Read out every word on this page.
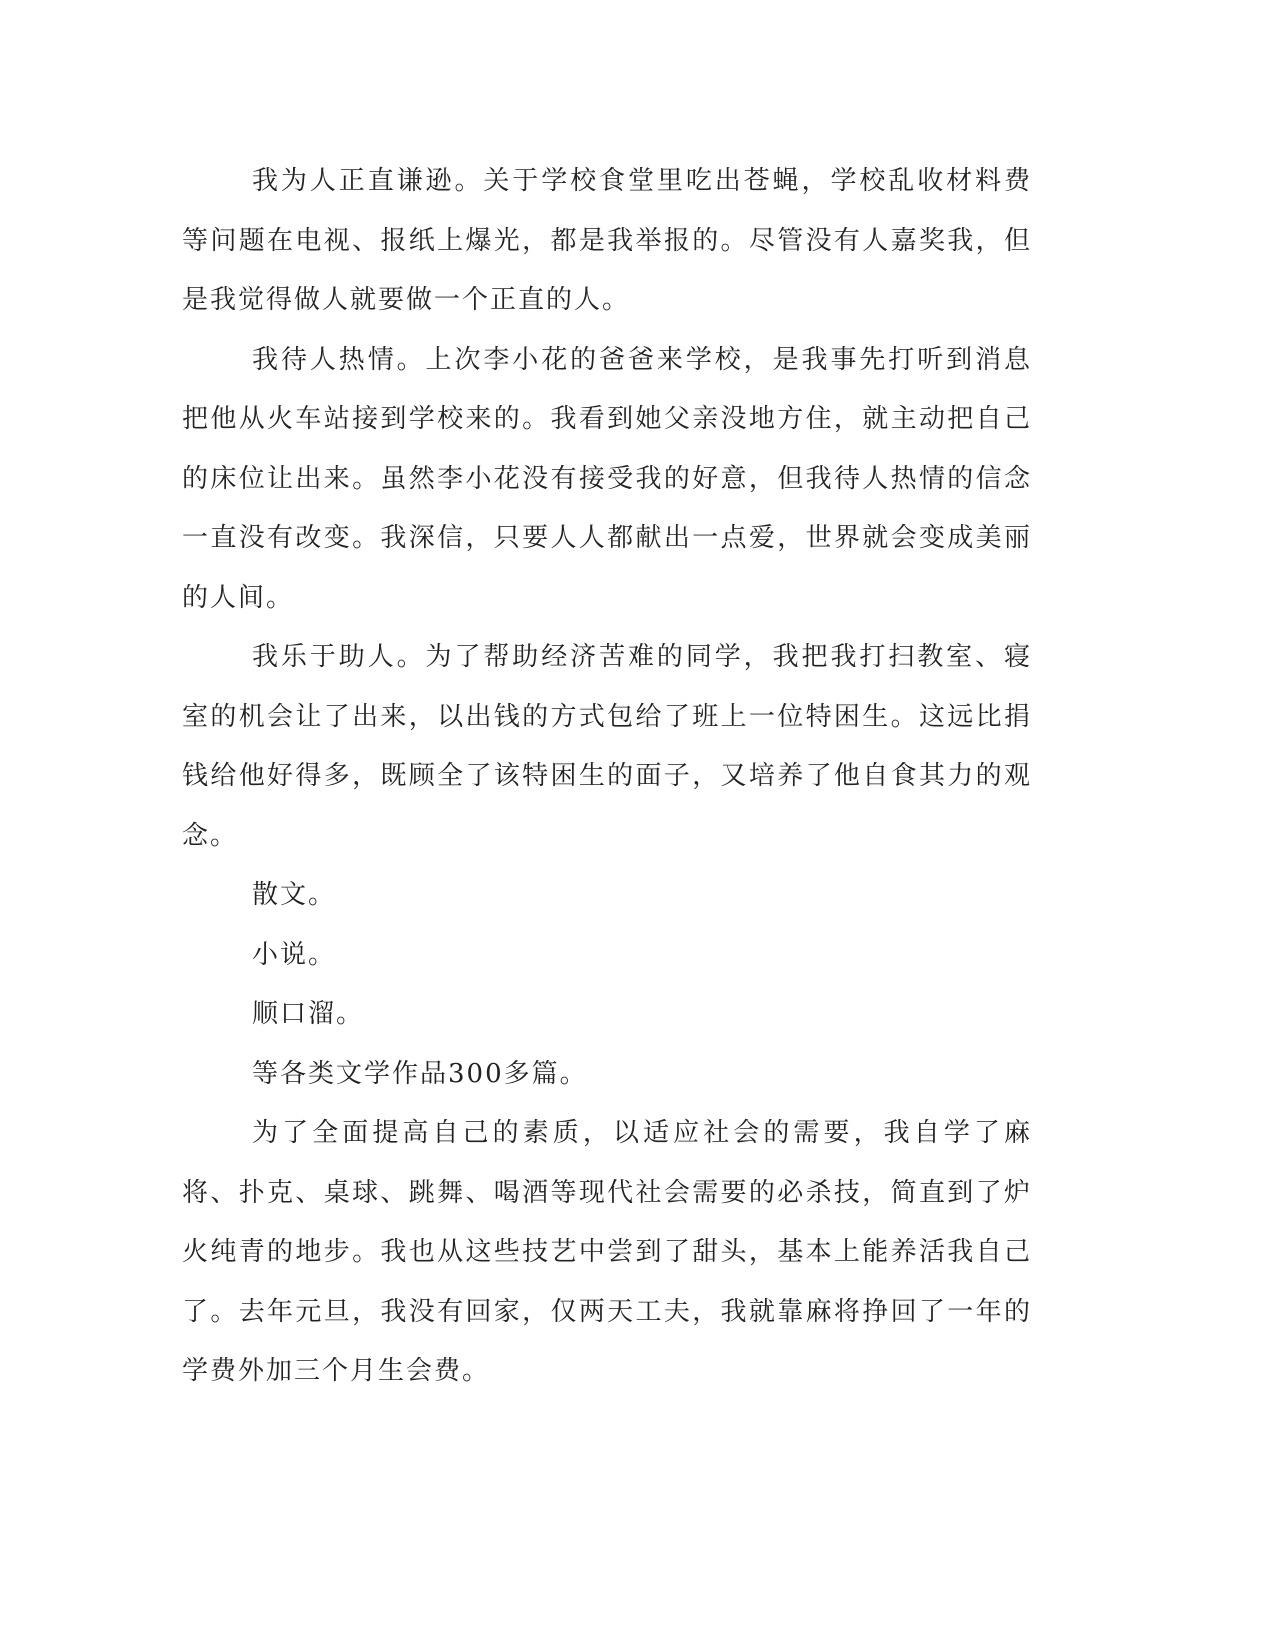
我为人正直谦逊。关于学校食堂里吃出苍蝇，学校乱收材料费等问题在电视、报纸上爆光，都是我举报的。尽管没有人嘉奖我，但是我觉得做人就要做一个正直的人。

我待人热情。上次李小花的爸爸来学校，是我事先打听到消息把他从火车站接到学校来的。我看到她父亲没地方住，就主动把自己的床位让出来。虽然李小花没有接受我的好意，但我待人热情的信念一直没有改变。我深信，只要人人都献出一点爱，世界就会变成美丽的人间。

我乐于助人。为了帮助经济苦难的同学，我把我打扫教室、寝室的机会让了出来，以出钱的方式包给了班上一位特困生。这远比捐钱给他好得多，既顾全了该特困生的面子，又培养了他自食其力的观念。

散文。

小说。

顺口溜。

等各类文学作品300多篇。

为了全面提高自己的素质，以适应社会的需要，我自学了麻将、扑克、桌球、跳舞、喝酒等现代社会需要的必杀技，简直到了炉火纯青的地步。我也从这些技艺中尝到了甜头，基本上能养活我自己了。去年元旦，我没有回家，仅两天工夫，我就靠麻将挣回了一年的学费外加三个月生会费。
